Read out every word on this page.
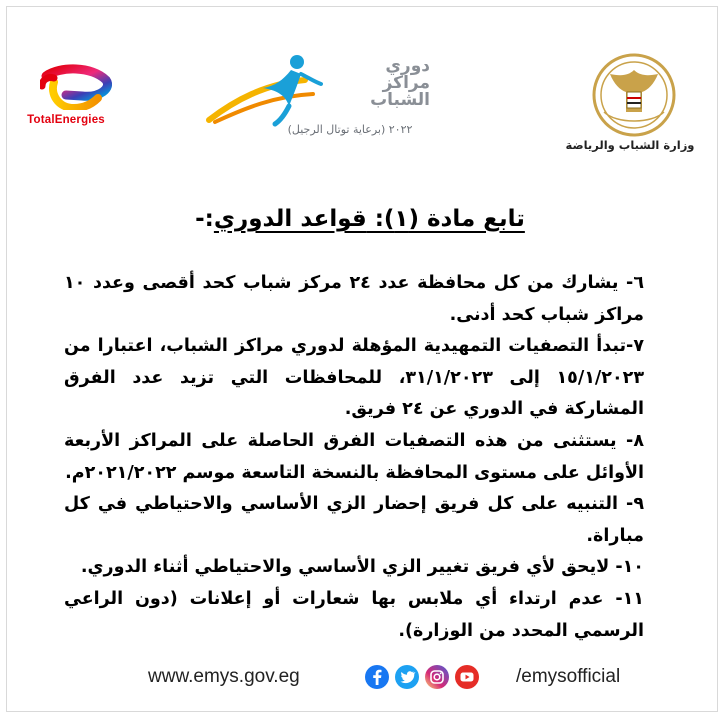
TotalEnergies
دوري
مراكز
الشباب
٢٠٢٢ (برعاية توتال الرجيل)
وزارة الشباب والرياضة
تابع مادة (١): قواعد الدوري:-

٦- يشارك من كل محافظة عدد ٢٤ مركز شباب كحد أقصى وعدد ١٠ مراكز شباب كحد أدنى.

٧-تبدأ التصفيات التمهيدية المؤهلة لدوري مراكز الشباب، اعتبارا من ١٥/١/٢٠٢٣ إلى ٣١/١/٢٠٢٣، للمحافظات التي تزيد عدد الفرق المشاركة في الدوري عن ٢٤ فريق.

٨- يستثنى من هذه التصفيات الفرق الحاصلة على المراكز الأربعة الأوائل على مستوى المحافظة بالنسخة التاسعة موسم ٢٠٢١/٢٠٢٢م.

٩- التنبيه على كل فريق إحضار الزي الأساسي والاحتياطي في كل مباراة.

١٠- لايحق لأي فريق تغيير الزي الأساسي والاحتياطي أثناء الدوري.

١١- عدم ارتداء أي ملابس بها شعارات أو إعلانات (دون الراعي الرسمي المحدد من الوزارة).

www.emys.gov.eg	/emysofficial
